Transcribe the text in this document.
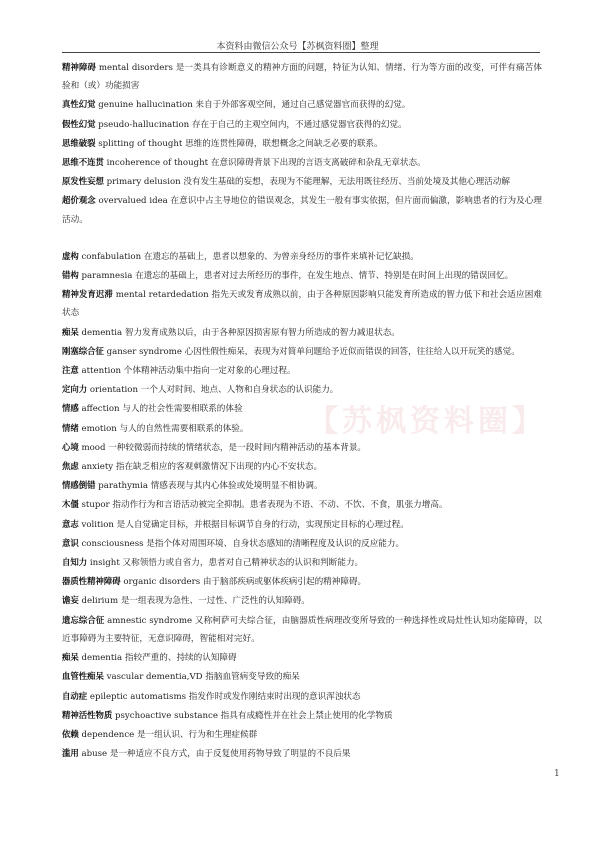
本资料由微信公众号【苏枫资料圈】整理
【苏枫资料圈】

精神障碍 mental disorders 是一类具有诊断意义的精神方面的问题，特征为认知、情绪、行为等方面的改变，可伴有痛苦体验和（或）功能损害

真性幻觉 genuine hallucination 来自于外部客观空间，通过自己感觉器官而获得的幻觉。

假性幻觉 pseudo-hallucination 存在于自己的主观空间内，不通过感觉器官获得的幻觉。

思维破裂 splitting of thought 思维的连贯性障碍，联想概念之间缺乏必要的联系。

思维不连贯 incoherence of thought 在意识障碍背景下出现的言语支离破碎和杂乱无章状态。

原发性妄想 primary delusion 没有发生基础的妄想，表现为不能理解，无法用既往经历、当前处境及其他心理活动解

超价观念 overvalued idea 在意识中占主导地位的错误观念，其发生一般有事实依据，但片面而偏激，影响患者的行为及心理活动。

虚构 confabulation 在遗忘的基础上，患者以想象的、为曾亲身经历的事件来填补记忆缺损。

错构 paramnesia 在遗忘的基础上，患者对过去所经历的事件，在发生地点、情节、特别是在时间上出现的错误回忆。

精神发育迟滞 mental retardedation 指先天或发育成熟以前，由于各种原因影响只能发育所造成的智力低下和社会适应困难状态

痴呆 dementia 智力发育成熟以后，由于各种原因损害原有智力所造成的智力减退状态。

刚塞综合征 ganser syndrome 心因性假性痴呆，表现为对简单问题给予近似而错误的回答，往往给人以开玩笑的感觉。

注意 attention 个体精神活动集中指向一定对象的心理过程。

定向力 orientation 一个人对时间、地点、人物和自身状态的认识能力。

情感 affection 与人的社会性需要相联系的体验

情绪 emotion 与人的自然性需要相联系的体验。

心境 mood 一种较微弱而持续的情绪状态，是一段时间内精神活动的基本背景。

焦虑 anxiety 指在缺乏相应的客观刺激情况下出现的内心不安状态。

情感倒错 parathymia 情感表现与其内心体验或处境明显不相协调。

木僵 stupor 指动作行为和言语活动被完全抑制。患者表现为不语、不动、不饮、不食，肌张力增高。

意志 volition 是人自觉确定目标，并根据目标调节自身的行动，实现预定目标的心理过程。

意识 consciousness 是指个体对周围环境、自身状态感知的清晰程度及认识的反应能力。

自知力 insight 又称领悟力或自省力，患者对自己精神状态的认识和判断能力。

器质性精神障碍 organic disorders 由于脑部疾病或躯体疾病引起的精神障碍。

谵妄 delirium 是一组表现为急性、一过性、广泛性的认知障碍。

遗忘综合征 amnestic syndrome 又称柯萨可夫综合征，由脑器质性病理改变所导致的一种选择性或局灶性认知功能障碍，以近事障碍为主要特征，无意识障碍，智能相对完好。

痴呆 dementia 指较严重的、持续的认知障碍

血管性痴呆 vascular dementia,VD 指脑血管病变导致的痴呆

自动症 epileptic automatisms 指发作时或发作刚结束时出现的意识浑浊状态

精神活性物质 psychoactive substance 指具有成瘾性并在社会上禁止使用的化学物质

依赖 dependence 是一组认识、行为和生理症候群

滥用 abuse 是一种适应不良方式，由于反复使用药物导致了明显的不良后果

1
